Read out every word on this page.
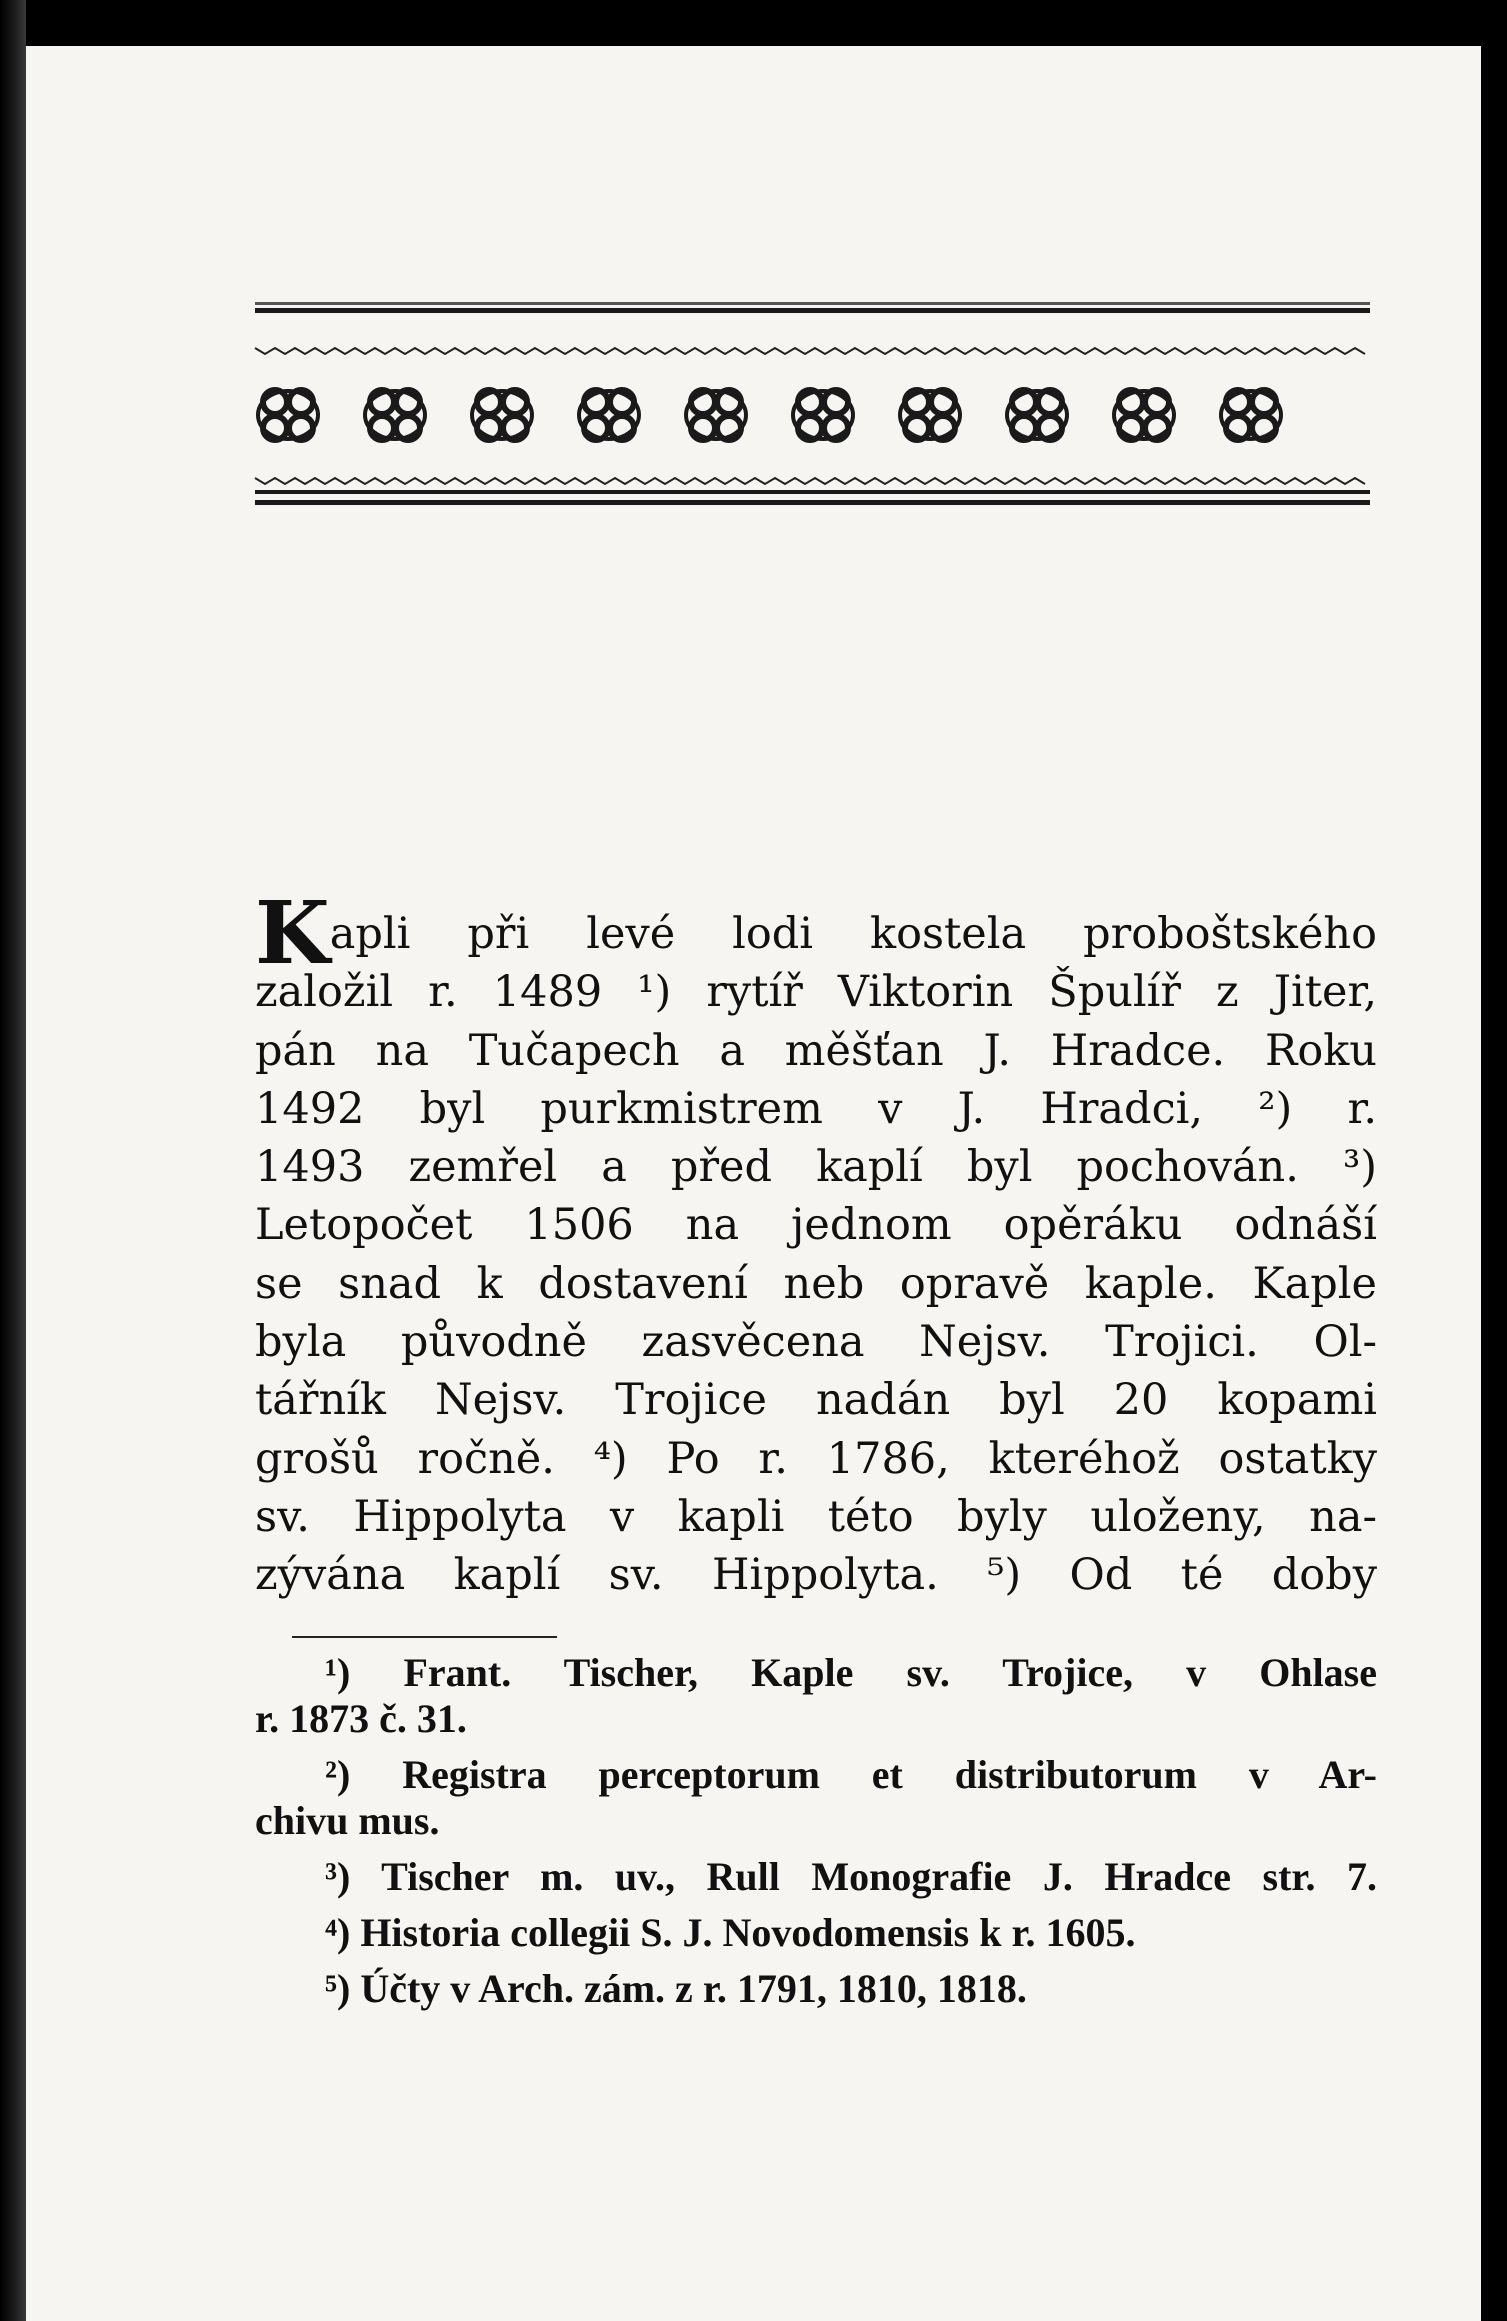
K apli při levé lodi kostela proboštského
založil r. 1489 ¹) rytíř Viktorin Špulíř z Jiter,
pán na Tučapech a měšťan J. Hradce. Roku
1492 byl purkmistrem v J. Hradci, ²) r.
1493 zemřel a před kaplí byl pochován. ³)
Letopočet 1506 na jednom opěráku odnáší
se snad k dostavení neb opravě kaple. Kaple
byla původně zasvěcena Nejsv. Trojici. Ol-
tářník Nejsv. Trojice nadán byl 20 kopami
grošů ročně. ⁴) Po r. 1786, kteréhož ostatky
sv. Hippolyta v kapli této byly uloženy, na-
zývána kaplí sv. Hippolyta. ⁵) Od té doby
¹) Frant. Tischer, Kaple sv. Trojice, v Ohlase
r. 1873 č. 31.
²) Registra perceptorum et distributorum v Ar-
chivu mus.
³) Tischer m. uv., Rull Monografie J. Hradce str. 7.
⁴) Historia collegii S. J. Novodomensis k r. 1605.
⁵) Účty v Arch. zám. z r. 1791, 1810, 1818.
